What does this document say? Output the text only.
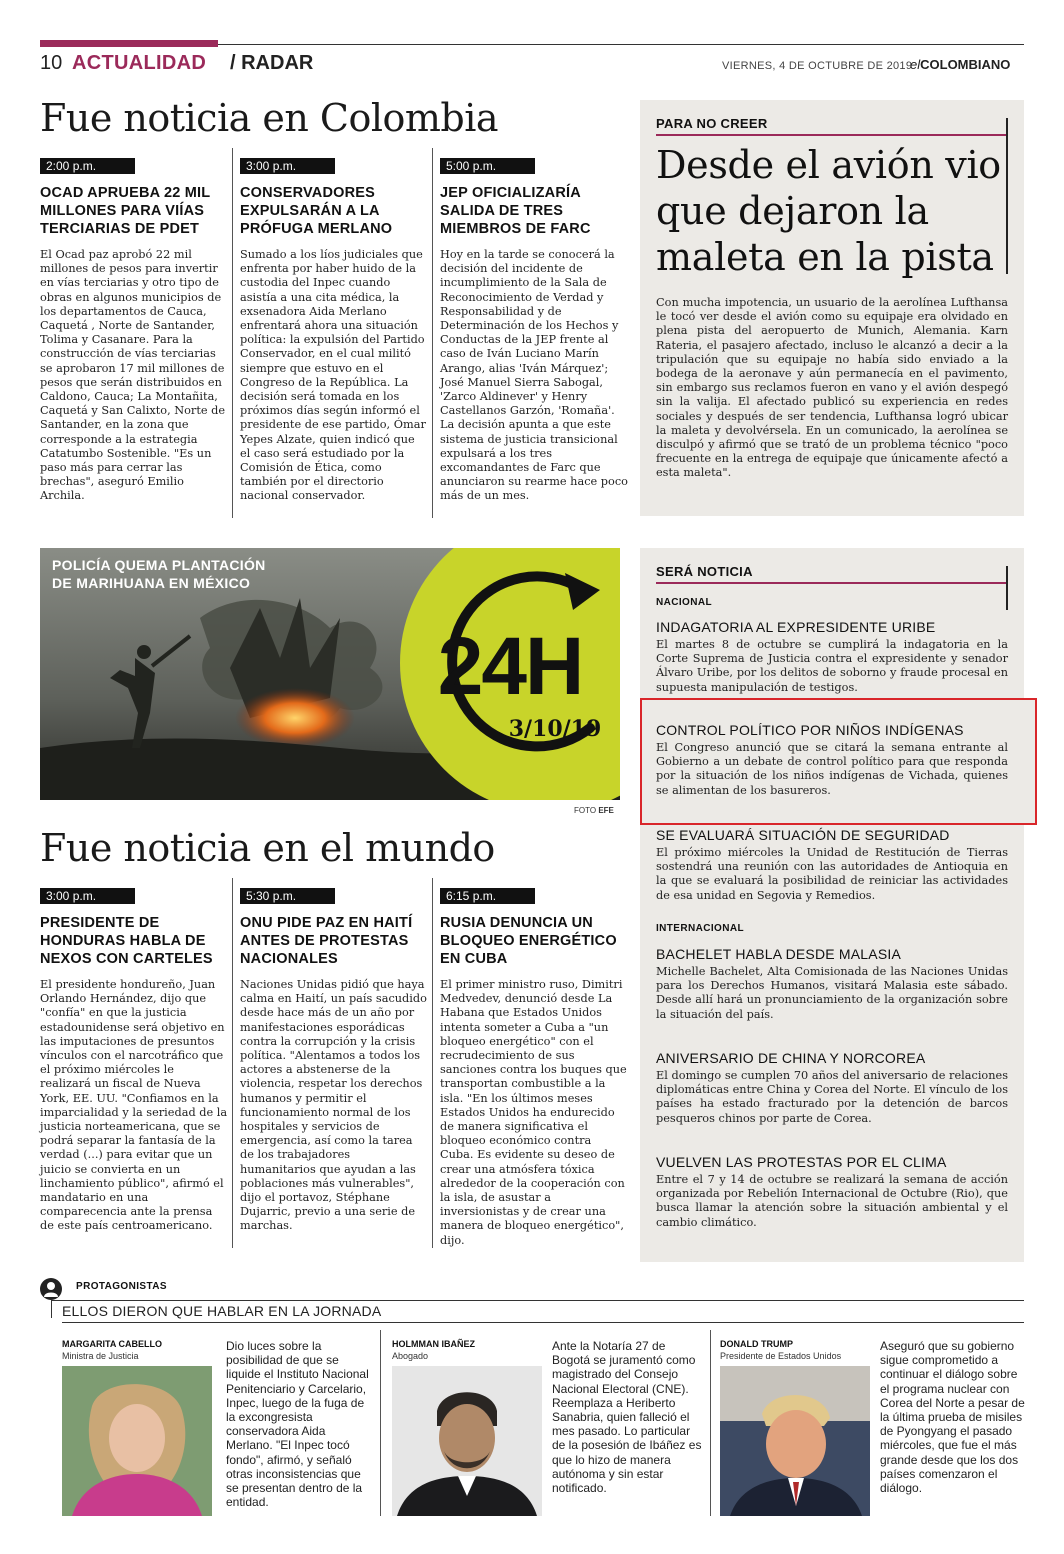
10 ACTUALIDAD / RADAR	VIERNES, 4 DE OCTUBRE DE 2019
elCOLOMBIANO
Fue noticia en Colombia
2:00 p.m.
OCAD APRUEBA 22 MIL MILLONES PARA VIÍAS TERCIARIAS DE PDET

El Ocad paz aprobó 22 mil millones de pesos para invertir en vías terciarias y otro tipo de obras en algunos municipios de los departamentos de Cauca, Caquetá , Norte de Santander, Tolima y Casanare. Para la construcción de vías terciarias se aprobaron 17 mil millones de pesos que serán distribuidos en Caldono, Cauca; La Montañita, Caquetá y San Calixto, Norte de Santander, en la zona que corresponde a la estrategia Catatumbo Sostenible. "Es un paso más para cerrar las brechas", aseguró Emilio Archila.

3:00 p.m.
CONSERVADORES EXPULSARÁN A LA PRÓFUGA MERLANO

Sumado a los líos judiciales que enfrenta por haber huido de la custodia del Inpec cuando asistía a una cita médica, la exsenadora Aida Merlano enfrentará ahora una situación política: la expulsión del Partido Conservador, en el cual militó siempre que estuvo en el Congreso de la República. La decisión será tomada en los próximos días según informó el presidente de ese partido, Ómar Yepes Alzate, quien indicó que el caso será estudiado por la Comisión de Ética, como también por el directorio nacional conservador.

5:00 p.m.
JEP OFICIALIZARÍA SALIDA DE TRES MIEMBROS DE FARC

Hoy en la tarde se conocerá la decisión del incidente de incumplimiento de la Sala de Reconocimiento de Verdad y Responsabilidad y de Determinación de los Hechos y Conductas de la JEP frente al caso de Iván Luciano Marín Arango, alias 'Iván Márquez'; José Manuel Sierra Sabogal, 'Zarco Aldinever' y Henry Castellanos Garzón, 'Romaña'. La decisión apunta a que este sistema de justicia transicional expulsará a los tres excomandantes de Farc que anunciaron su rearme hace poco más de un mes.

PARA NO CREER
Desde el avión vio que dejaron la maleta en la pista
Con mucha impotencia, un usuario de la aerolínea Lufthansa le tocó ver desde el avión como su equipaje era olvidado en plena pista del aeropuerto de Munich, Alemania. Karn Rateria, el pasajero afectado, incluso le alcanzó a decir a la tripulación que su equipaje no había sido enviado a la bodega de la aeronave y aún permanecía en el pavimento, sin embargo sus reclamos fueron en vano y el avión despegó sin la valija. El afectado publicó su experiencia en redes sociales y después de ser tendencia, Lufthansa logró ubicar la maleta y devolvérsela. En un comunicado, la aerolínea se disculpó y afirmó que se trató de un problema técnico "poco frecuente en la entrega de equipaje que únicamente afectó a esta maleta".
POLICÍA QUEMA PLANTACIÓN
DE MARIHUANA EN MÉXICO
24H
3/10/19
FOTO EFE
Fue noticia en el mundo
3:00 p.m.
PRESIDENTE DE HONDURAS HABLA DE NEXOS CON CARTELES

El presidente hondureño, Juan Orlando Hernández, dijo que "confía" en que la justicia estadounidense será objetivo en las imputaciones de presuntos vínculos con el narcotráfico que el próximo miércoles le realizará un fiscal de Nueva York, EE. UU. "Confiamos en la imparcialidad y la seriedad de la justicia norteamericana, que se podrá separar la fantasía de la verdad (...) para evitar que un juicio se convierta en un linchamiento público", afirmó el mandatario en una comparecencia ante la prensa de este país centroamericano.

5:30 p.m.
ONU PIDE PAZ EN HAITÍ ANTES DE PROTESTAS NACIONALES

Naciones Unidas pidió que haya calma en Haití, un país sacudido desde hace más de un año por manifestaciones esporádicas contra la corrupción y la crisis política. "Alentamos a todos los actores a abstenerse de la violencia, respetar los derechos humanos y permitir el funcionamiento normal de los hospitales y servicios de emergencia, así como la tarea de los trabajadores humanitarios que ayudan a las poblaciones más vulnerables", dijo el portavoz, Stéphane Dujarric, previo a una serie de marchas.

6:15 p.m.
RUSIA DENUNCIA UN BLOQUEO ENERGÉTICO EN CUBA

El primer ministro ruso, Dimitri Medvedev, denunció desde La Habana que Estados Unidos intenta someter a Cuba a "un bloqueo energético" con el recrudecimiento de sus sanciones contra los buques que transportan combustible a la isla. "En los últimos meses Estados Unidos ha endurecido de manera significativa el bloqueo económico contra Cuba. Es evidente su deseo de crear una atmósfera tóxica alrededor de la cooperación con la isla, de asustar a inversionistas y de crear una manera de bloqueo energético", dijo.

SERÁ NOTICIA
NACIONAL
INDAGATORIA AL EXPRESIDENTE URIBE

El martes 8 de octubre se cumplirá la indagatoria en la Corte Suprema de Justicia contra el expresidente y senador Álvaro Uribe, por los delitos de soborno y fraude procesal en supuesta manipulación de testigos.

CONTROL POLÍTICO POR NIÑOS INDÍGENAS

El Congreso anunció que se citará la semana entrante al Gobierno a un debate de control político para que responda por la situación de los niños indígenas de Vichada, quienes se alimentan de los basureros.

SE EVALUARÁ SITUACIÓN DE SEGURIDAD

El próximo miércoles la Unidad de Restitución de Tierras sostendrá una reunión con las autoridades de Antioquia en la que se evaluará la posibilidad de reiniciar las actividades de esa unidad en Segovia y Remedios.

INTERNACIONAL
BACHELET HABLA DESDE MALASIA

Michelle Bachelet, Alta Comisionada de las Naciones Unidas para los Derechos Humanos, visitará Malasia este sábado. Desde allí hará un pronunciamiento de la organización sobre la situación del país.

ANIVERSARIO DE CHINA Y NORCOREA

El domingo se cumplen 70 años del aniversario de relaciones diplomáticas entre China y Corea del Norte. El vínculo de los países ha estado fracturado por la detención de barcos pesqueros chinos por parte de Corea.

VUELVEN LAS PROTESTAS POR EL CLIMA

Entre el 7 y 14 de octubre se realizará la semana de acción organizada por Rebelión Internacional de Octubre (Rio), que busca llamar la atención sobre la situación ambiental y el cambio climático.

PROTAGONISTAS
ELLOS DIERON QUE HABLAR EN LA JORNADA
MARGARITA CABELLO
Ministra de Justicia
Dio luces sobre la posibilidad de que se liquide el Instituto Nacional Penitenciario y Carcelario, Inpec, luego de la fuga de la excongresista conservadora Aida Merlano. "El Inpec tocó fondo", afirmó, y señaló otras inconsistencias que se presentan dentro de la entidad.
HOLMMAN IBAÑEZ
Abogado
Ante la Notaría 27 de Bogotá se juramentó como magistrado del Consejo Nacional Electoral (CNE). Reemplaza a Heriberto Sanabria, quien falleció el mes pasado. Lo particular de la posesión de Ibáñez es que lo hizo de manera autónoma y sin estar notificado.
DONALD TRUMP
Presidente de Estados Unidos
Aseguró que su gobierno sigue comprometido a continuar el diálogo sobre el programa nuclear con Corea del Norte a pesar de la última prueba de misiles de Pyongyang el pasado miércoles, que fue el más grande desde que los dos países comenzaron el diálogo.
